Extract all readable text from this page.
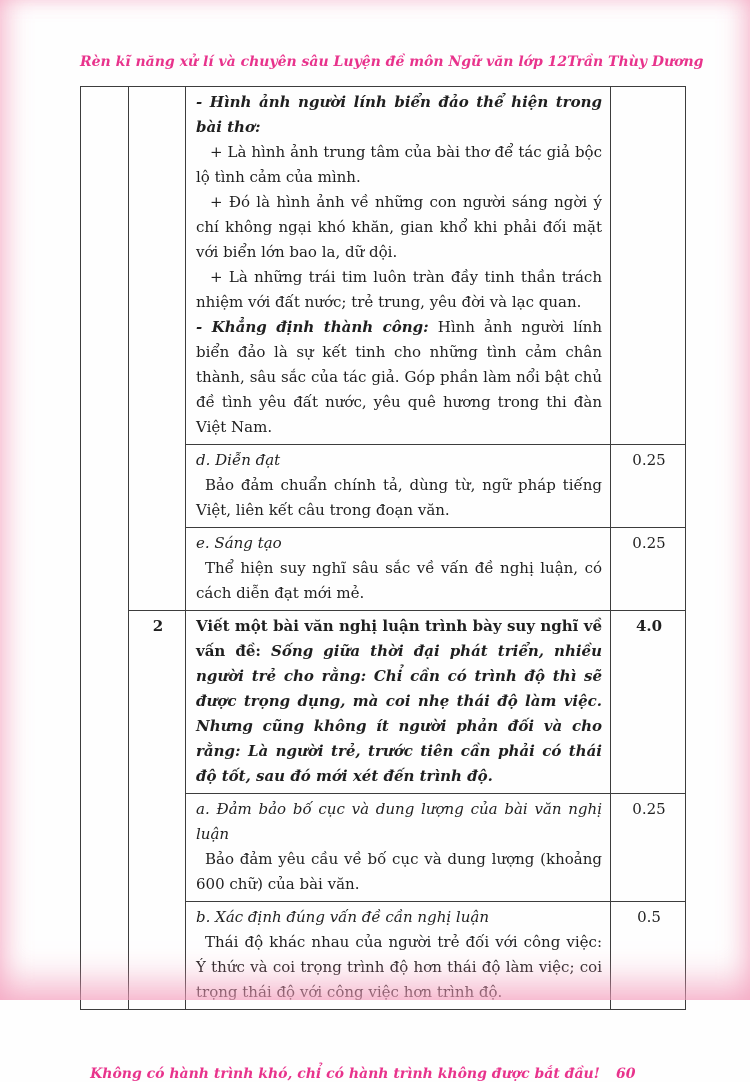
Rèn kĩ năng xử lí và chuyên sâu Luyện đề môn Ngữ văn lớp 12 Trần Thùy Dương

		- Hình ảnh người lính biển đảo thể hiện trong bài thơ:

+ Là hình ảnh trung tâm của bài thơ để tác giả bộc lộ tình cảm của mình.

+ Đó là hình ảnh về những con người sáng ngời ý chí không ngại khó khăn, gian khổ khi phải đối mặt với biển lớn bao la, dữ dội.

+ Là những trái tim luôn tràn đầy tinh thần trách nhiệm với đất nước; trẻ trung, yêu đời và lạc quan.

- Khẳng định thành công: Hình ảnh người lính biển đảo là sự kết tinh cho những tình cảm chân thành, sâu sắc của tác giả. Góp phần làm nổi bật chủ đề tình yêu đất nước, yêu quê hương trong thi đàn Việt Nam.	

		d. Diễn đạt

Bảo đảm chuẩn chính tả, dùng từ, ngữ pháp tiếng Việt, liên kết câu trong đoạn văn.	0.25

		e. Sáng tạo

Thể hiện suy nghĩ sâu sắc về vấn đề nghị luận, có cách diễn đạt mới mẻ.	0.25
	2	Viết một bài văn nghị luận trình bày suy nghĩ về vấn đề: Sống giữa thời đại phát triển, nhiều người trẻ cho rằng: Chỉ cần có trình độ thì sẽ được trọng dụng, mà coi nhẹ thái độ làm việc. Nhưng cũng không ít người phản đối và cho rằng: Là người trẻ, trước tiên cần phải có thái độ tốt, sau đó mới xét đến trình độ.	4.0

		a. Đảm bảo bố cục và dung lượng của bài văn nghị luận

Bảo đảm yêu cầu về bố cục và dung lượng (khoảng 600 chữ) của bài văn.	0.25

		b. Xác định đúng vấn đề cần nghị luận

Thái độ khác nhau của người trẻ đối với công việc: Ý thức và coi trọng trình độ hơn thái độ làm việc; coi trọng thái độ với công việc hơn trình độ.	0.5
Không có hành trình khó, chỉ có hành trình không được bắt đầu!	60
